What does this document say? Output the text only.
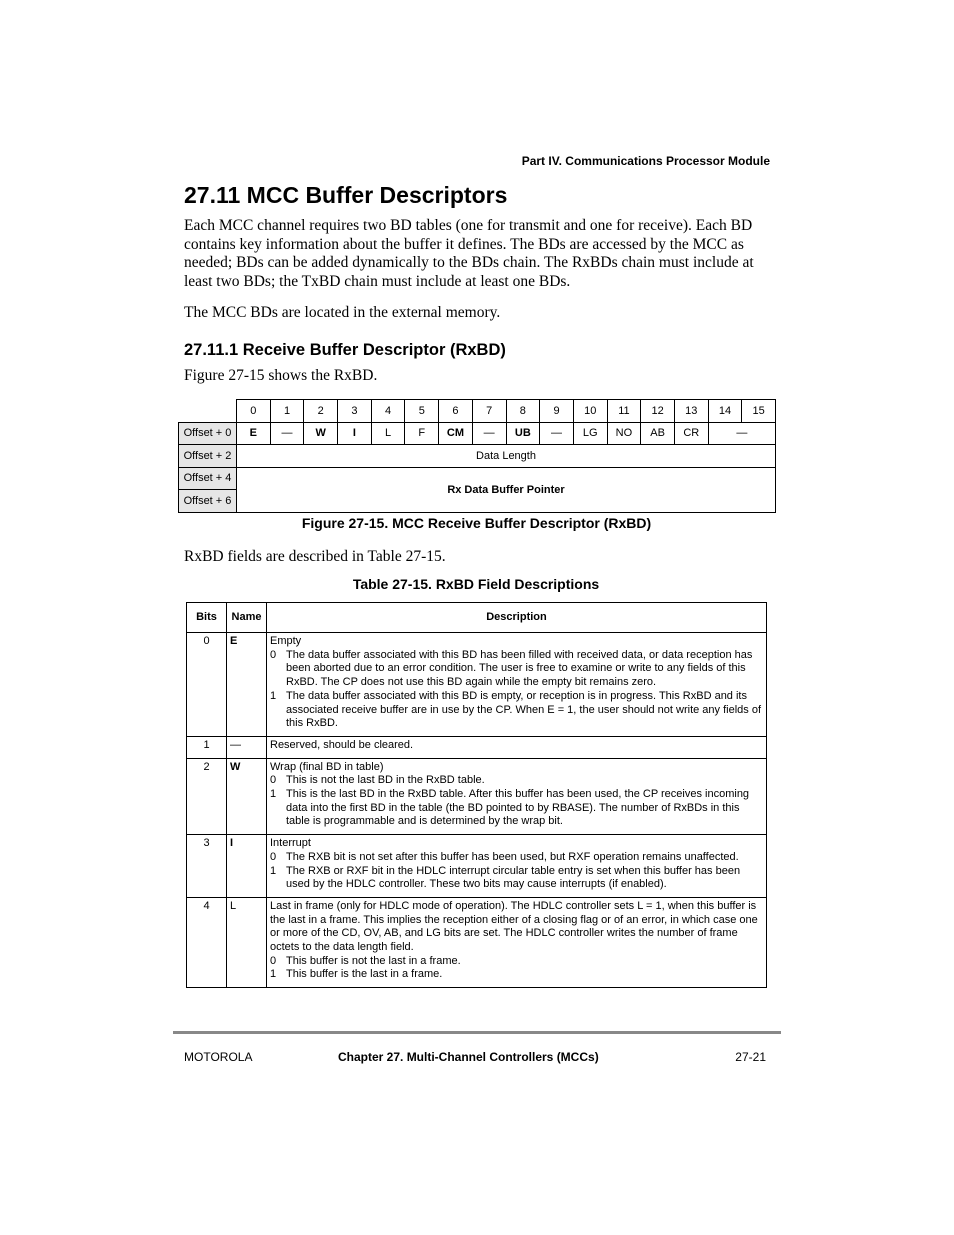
Part IV. Communications Processor Module
27.11 MCC Buffer Descriptors

Each MCC channel requires two BD tables (one for transmit and one for receive). Each BD contains key information about the buffer it defines. The BDs are accessed by the MCC as needed; BDs can be added dynamically to the BDs chain. The RxBDs chain must include at least two BDs; the TxBD chain must include at least one BDs.

The MCC BDs are located in the external memory.

27.11.1 Receive Buffer Descriptor (RxBD)

Figure 27-15 shows the RxBD.

	0	1	2	3	4	5	6	7	8	9	10	11	12	13	14	15
Offset + 0	E	—	W	I	L	F	CM	—	UB	—	LG	NO	AB	CR	—	
Offset + 2	Data Length															
Offset + 4	Rx Data Buffer Pointer															
Offset + 6																
Figure 27-15. MCC Receive Buffer Descriptor (RxBD)

RxBD fields are described in Table 27-15.

Table 27-15. RxBD Field Descriptions
Bits	Name	Description
0	E	Empty
0 The data buffer associated with this BD has been filled with received data, or data reception has been aborted due to an error condition. The user is free to examine or write to any fields of this RxBD. The CP does not use this BD again while the empty bit remains zero.
1 The data buffer associated with this BD is empty, or reception is in progress. This RxBD and its associated receive buffer are in use by the CP. When E = 1, the user should not write any fields of this RxBD.

1	—	Reserved, should be cleared.

2	W	Wrap (final BD in table)
0 This is not the last BD in the RxBD table.
1 This is the last BD in the RxBD table. After this buffer has been used, the CP receives incoming data into the first BD in the table (the BD pointed to by RBASE). The number of RxBDs in this table is programmable and is determined by the wrap bit.

3	I	Interrupt
0 The RXB bit is not set after this buffer has been used, but RXF operation remains unaffected.
1 The RXB or RXF bit in the HDLC interrupt circular table entry is set when this buffer has been used by the HDLC controller. These two bits may cause interrupts (if enabled).

4	L	Last in frame (only for HDLC mode of operation). The HDLC controller sets L = 1, when this buffer is the last in a frame. This implies the reception either of a closing flag or of an error, in which case one or more of the CD, OV, AB, and LG bits are set. The HDLC controller writes the number of frame octets to the data length field.
0 This buffer is not the last in a frame.
1 This buffer is the last in a frame.
MOTOROLA	Chapter 27. Multi-Channel Controllers (MCCs)	27-21
